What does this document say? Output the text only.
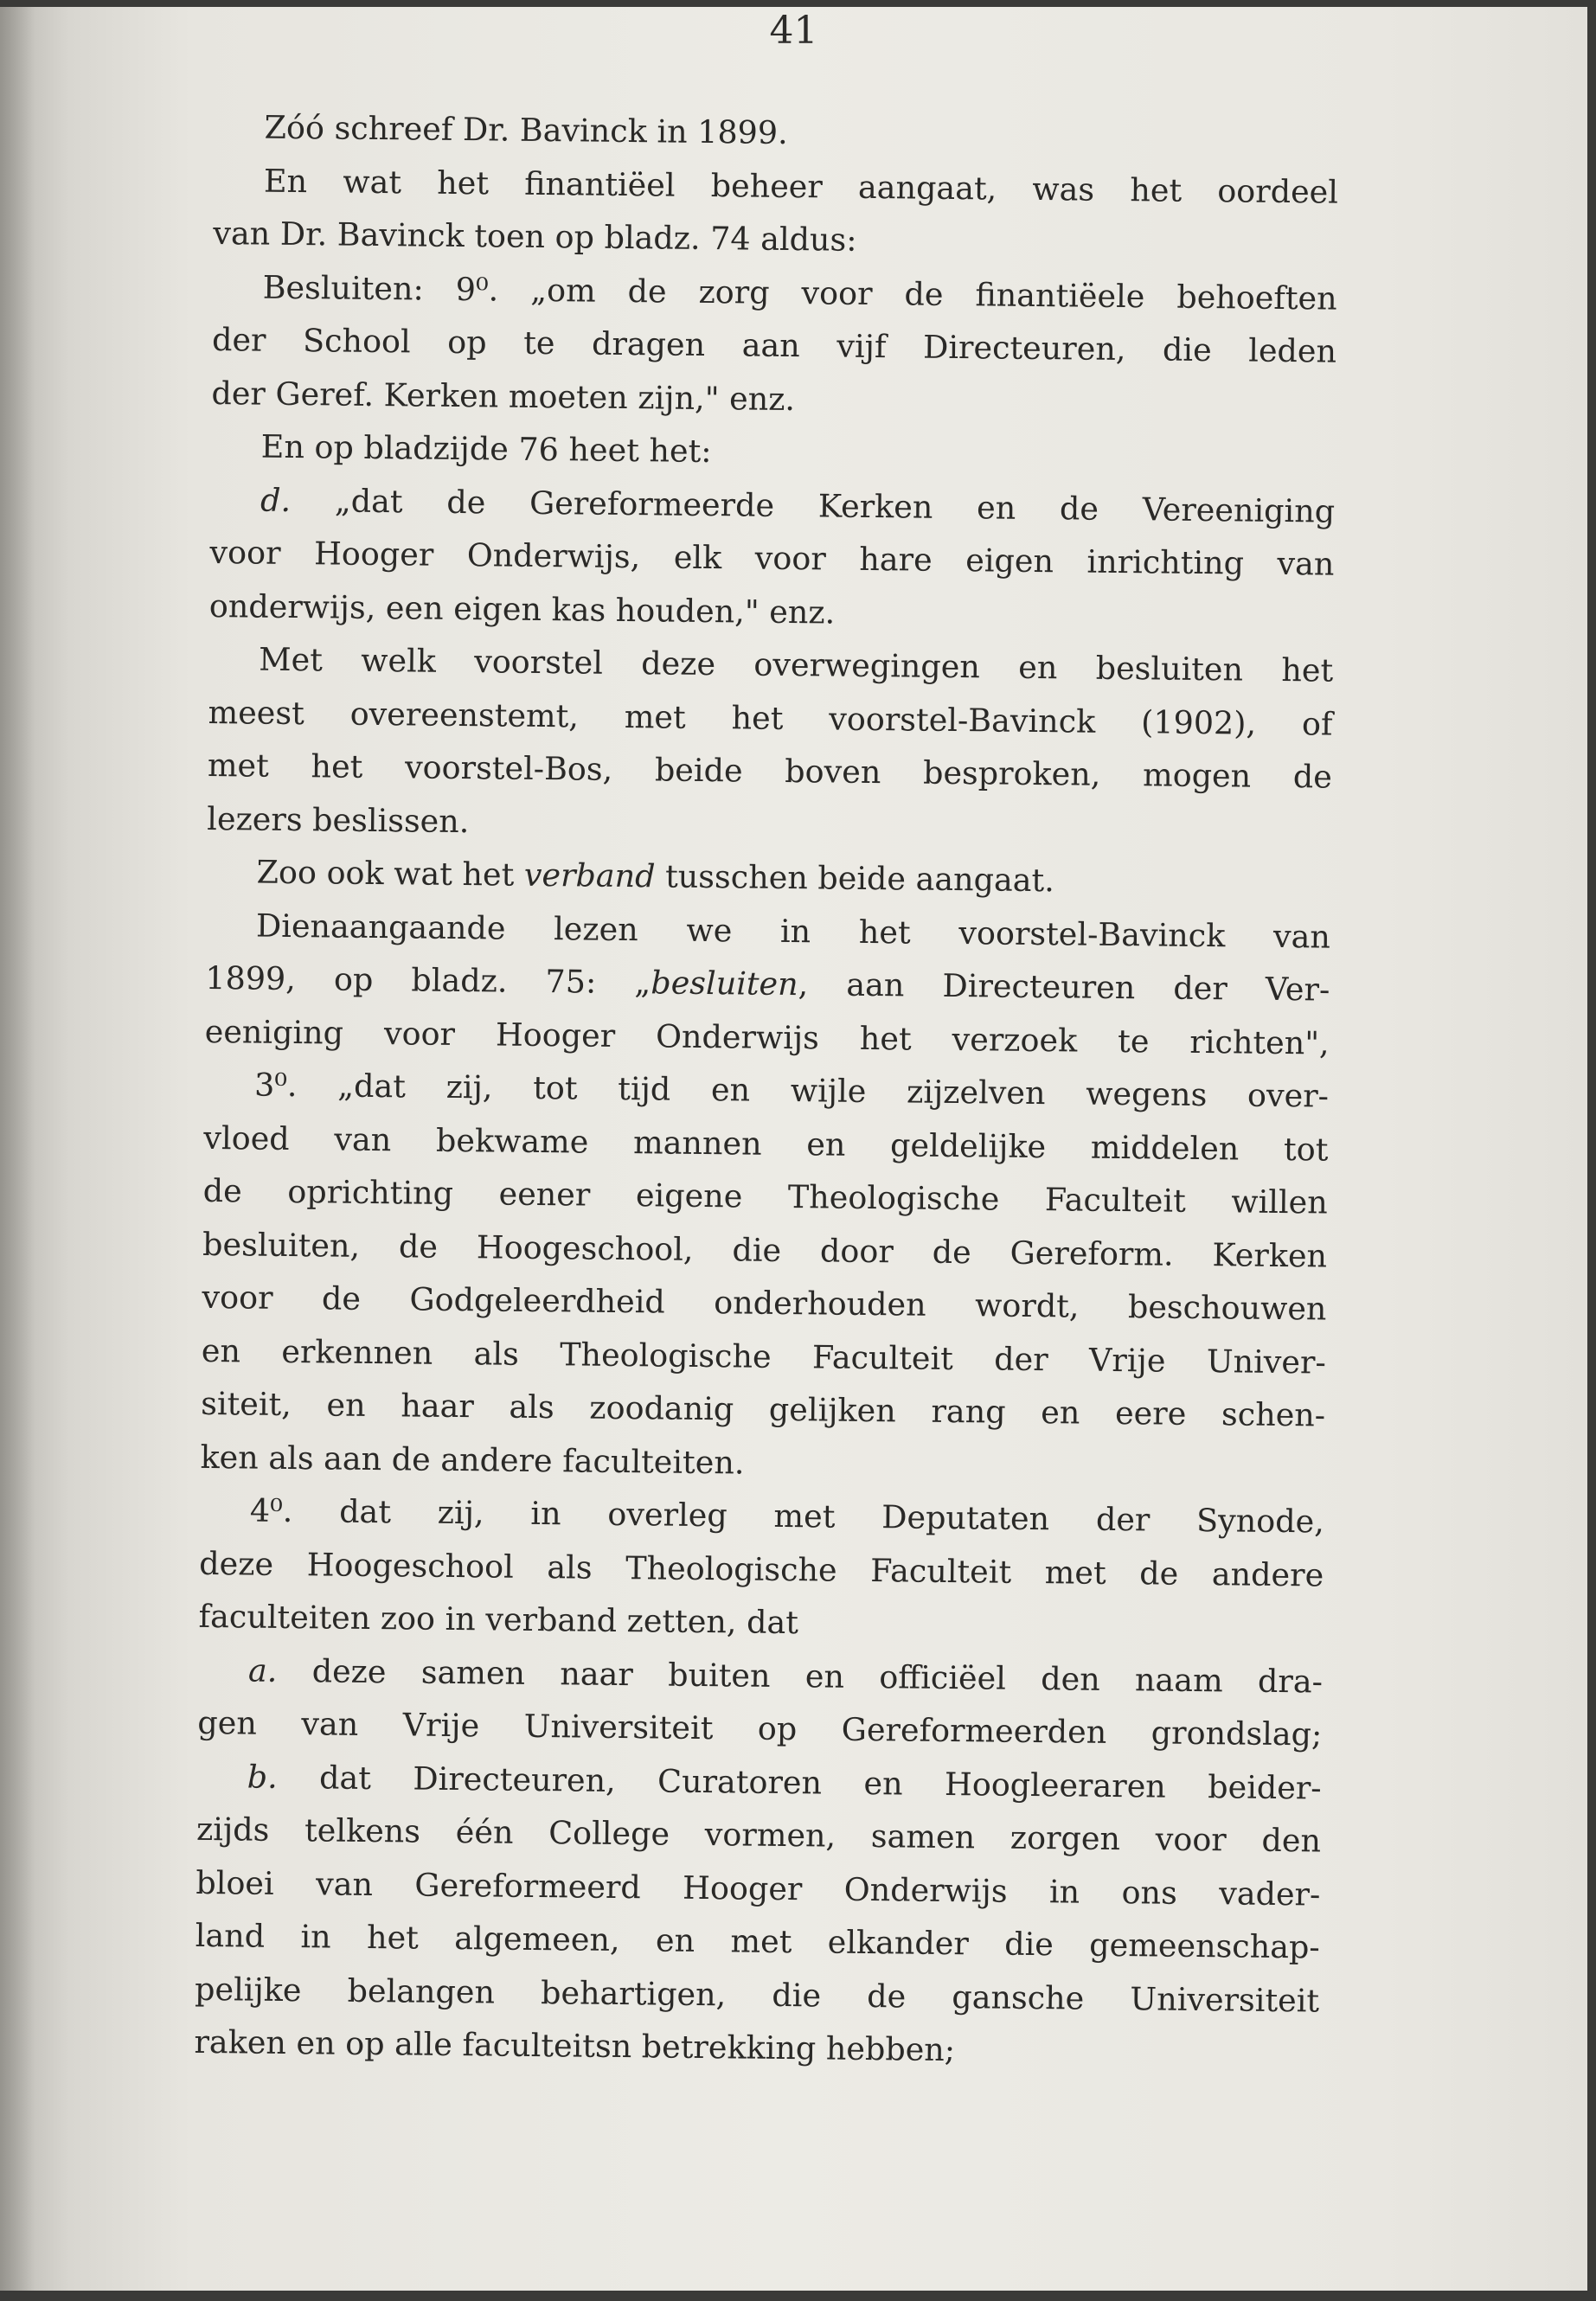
41

Zóó schreef Dr. Bavinck in 1899.
En wat het finantiëel beheer aangaat, was het oordeel
van Dr. Bavinck toen op bladz. 74 aldus:
Besluiten: 9⁰. „om de zorg voor de finantiëele behoeften
der School op te dragen aan vijf Directeuren, die leden
der Geref. Kerken moeten zijn," enz.
En op bladzijde 76 heet het:
d. „dat de Gereformeerde Kerken en de Vereeniging
voor Hooger Onderwijs, elk voor hare eigen inrichting van
onderwijs, een eigen kas houden," enz.
Met welk voorstel deze overwegingen en besluiten het
meest overeenstemt, met het voorstel-Bavinck (1902), of
met het voorstel-Bos, beide boven besproken, mogen de
lezers beslissen.
Zoo ook wat het verband tusschen beide aangaat.
Dienaangaande lezen we in het voorstel-Bavinck van
1899, op bladz. 75: „besluiten, aan Directeuren der Ver-
eeniging voor Hooger Onderwijs het verzoek te richten",
3⁰. „dat zij, tot tijd en wijle zijzelven wegens over-
vloed van bekwame mannen en geldelijke middelen tot
de oprichting eener eigene Theologische Faculteit willen
besluiten, de Hoogeschool, die door de Gereform. Kerken
voor de Godgeleerdheid onderhouden wordt, beschouwen
en erkennen als Theologische Faculteit der Vrije Univer-
siteit, en haar als zoodanig gelijken rang en eere schen-
ken als aan de andere faculteiten.
4⁰. dat zij, in overleg met Deputaten der Synode,
deze Hoogeschool als Theologische Faculteit met de andere
faculteiten zoo in verband zetten, dat
a. deze samen naar buiten en officiëel den naam dra-
gen van Vrije Universiteit op Gereformeerden grondslag;
b. dat Directeuren, Curatoren en Hoogleeraren beider-
zijds telkens één College vormen, samen zorgen voor den
bloei van Gereformeerd Hooger Onderwijs in ons vader-
land in het algemeen, en met elkander die gemeenschap-
pelijke belangen behartigen, die de gansche Universiteit
raken en op alle faculteitsn betrekking hebben;
